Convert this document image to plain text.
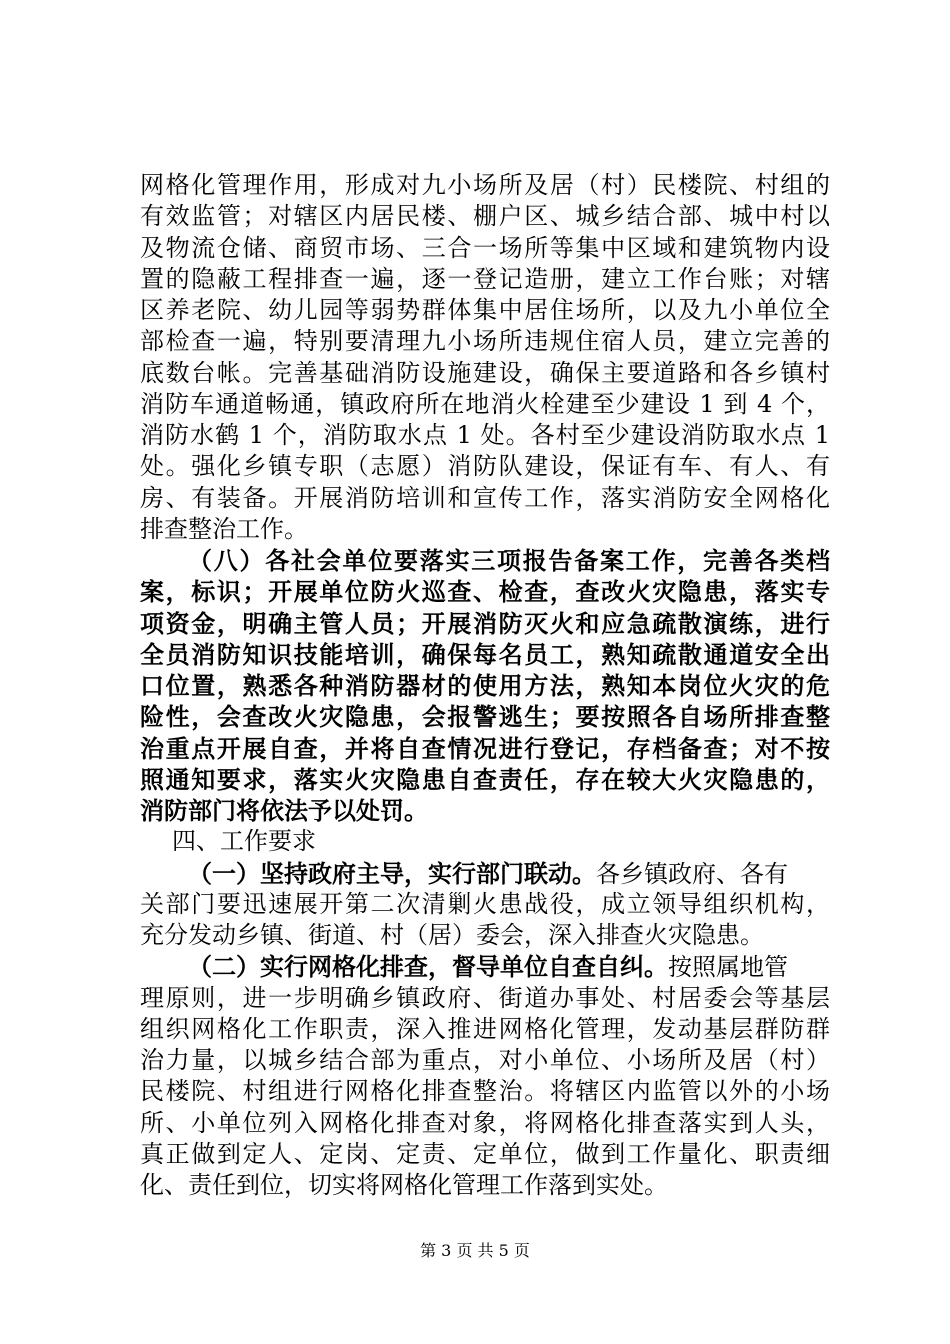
网格化管理作用，形成对九小场所及居（村）民楼院、村组的
有效监管；对辖区内居民楼、棚户区、城乡结合部、城中村以
及物流仓储、商贸市场、三合一场所等集中区域和建筑物内设
置的隐蔽工程排查一遍，逐一登记造册，建立工作台账；对辖
区养老院、幼儿园等弱势群体集中居住场所，以及九小单位全
部检查一遍，特别要清理九小场所违规住宿人员，建立完善的
底数台帐。完善基础消防设施建设，确保主要道路和各乡镇村
消防车通道畅通，镇政府所在地消火栓建至少建设 1 到 4 个，
消防水鹤 1 个，消防取水点 1 处。各村至少建设消防取水点 1
处。强化乡镇专职（志愿）消防队建设，保证有车、有人、有
房、有装备。开展消防培训和宣传工作，落实消防安全网格化
排查整治工作。
（八）各社会单位要落实三项报告备案工作，完善各类档
案，标识；开展单位防火巡查、检查，查改火灾隐患，落实专
项资金，明确主管人员；开展消防灭火和应急疏散演练，进行
全员消防知识技能培训，确保每名员工，熟知疏散通道安全出
口位置，熟悉各种消防器材的使用方法，熟知本岗位火灾的危
险性，会查改火灾隐患，会报警逃生；要按照各自场所排查整
治重点开展自查，并将自查情况进行登记，存档备查；对不按
照通知要求，落实火灾隐患自查责任，存在较大火灾隐患的，
消防部门将依法予以处罚。
四、工作要求
（一）坚持政府主导，实行部门联动。各乡镇政府、各有
关部门要迅速展开第二次清剿火患战役，成立领导组织机构，
充分发动乡镇、街道、村（居）委会，深入排查火灾隐患。
（二）实行网格化排查，督导单位自查自纠。按照属地管
理原则，进一步明确乡镇政府、街道办事处、村居委会等基层
组织网格化工作职责，深入推进网格化管理，发动基层群防群
治力量，以城乡结合部为重点，对小单位、小场所及居（村）
民楼院、村组进行网格化排查整治。将辖区内监管以外的小场
所、小单位列入网格化排查对象，将网格化排查落实到人头，
第 3 页 共 5 页
真正做到定人、定岗、定责、定单位，做到工作量化、职责细
化、责任到位，切实将网格化管理工作落到实处。
